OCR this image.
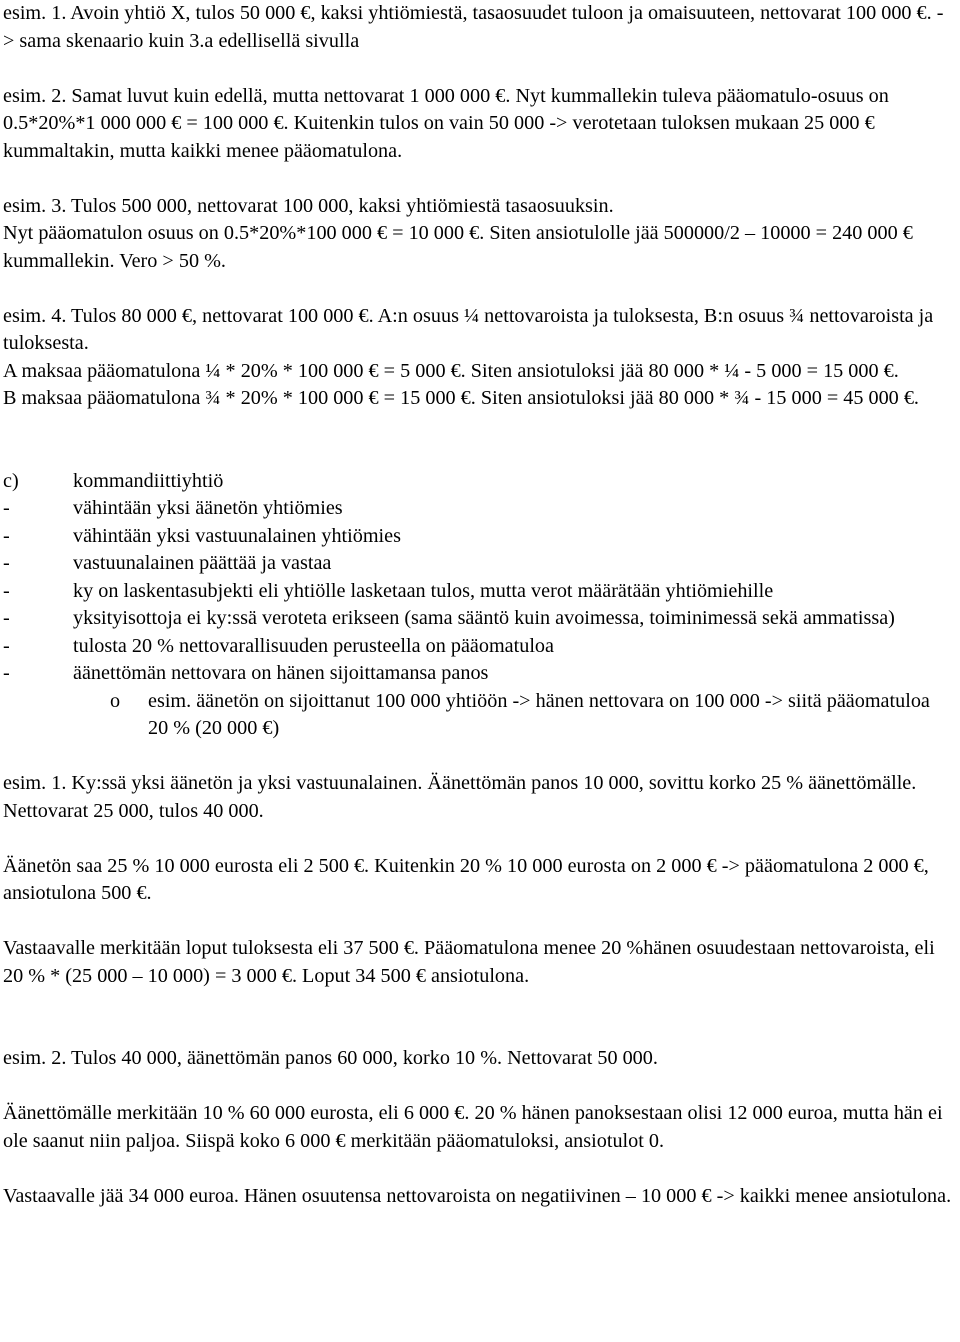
esim. 1. Avoin yhtiö X, tulos 50 000 €, kaksi yhtiömiestä, tasaosuudet tuloon ja omaisuuteen, nettovarat 100 000 €. -> sama skenaario kuin 3.a edellisellä sivulla

esim. 2. Samat luvut kuin edellä, mutta nettovarat 1 000 000 €. Nyt kummallekin tuleva pääomatulo-osuus on 0.5*20%*1 000 000 € = 100 000 €. Kuitenkin tulos on vain 50 000 -> verotetaan tuloksen mukaan 25 000 € kummaltakin, mutta kaikki menee pääomatulona.

esim. 3. Tulos 500 000, nettovarat 100 000, kaksi yhtiömiestä tasaosuuksin.

Nyt pääomatulon osuus on 0.5*20%*100 000 € = 10 000 €. Siten ansiotulolle jää 500000/2 – 10000 = 240 000 € kummallekin. Vero > 50 %.

esim. 4. Tulos 80 000 €, nettovarat 100 000 €. A:n osuus ¼ nettovaroista ja tuloksesta, B:n osuus ¾ nettovaroista ja tuloksesta.

A maksaa pääomatulona ¼ * 20% * 100 000 € = 5 000 €. Siten ansiotuloksi jää 80 000 * ¼ - 5 000 = 15 000 €.

B maksaa pääomatulona ¾ * 20% * 100 000 € = 15 000 €. Siten ansiotuloksi jää 80 000 * ¾ - 15 000 = 45 000 €.

c)	kommandiittiyhtiö
-	vähintään yksi äänetön yhtiömies
-	vähintään yksi vastuunalainen yhtiömies
-	vastuunalainen päättää ja vastaa
-	ky on laskentasubjekti eli yhtiölle lasketaan tulos, mutta verot määrätään yhtiömiehille
-	yksityisottoja ei ky:ssä veroteta erikseen (sama sääntö kuin avoimessa, toiminimessä sekä ammatissa)
-	tulosta 20 % nettovarallisuuden perusteella on pääomatuloa
-	äänettömän nettovara on hänen sijoittamansa panos
o esim. äänetön on sijoittanut 100 000 yhtiöön -> hänen nettovara on 100 000 -> siitä pääomatuloa 20 % (20 000 €)

esim. 1. Ky:ssä yksi äänetön ja yksi vastuunalainen. Äänettömän panos 10 000, sovittu korko 25 % äänettömälle. Nettovarat 25 000, tulos 40 000.

Äänetön saa 25 % 10 000 eurosta eli 2 500 €. Kuitenkin 20 % 10 000 eurosta on 2 000 € -> pääomatulona 2 000 €, ansiotulona 500 €.

Vastaavalle merkitään loput tuloksesta eli 37 500 €. Pääomatulona menee 20 %hänen osuudestaan nettovaroista, eli 20 % * (25 000 – 10 000) = 3 000 €. Loput 34 500 € ansiotulona.

esim. 2. Tulos 40 000, äänettömän panos 60 000, korko 10 %. Nettovarat 50 000.

Äänettömälle merkitään 10 % 60 000 eurosta, eli 6 000 €. 20 % hänen panoksestaan olisi 12 000 euroa, mutta hän ei ole saanut niin paljoa. Siispä koko 6 000 € merkitään pääomatuloksi, ansiotulot 0.

Vastaavalle jää 34 000 euroa. Hänen osuutensa nettovaroista on negatiivinen – 10 000 € -> kaikki menee ansiotulona.
